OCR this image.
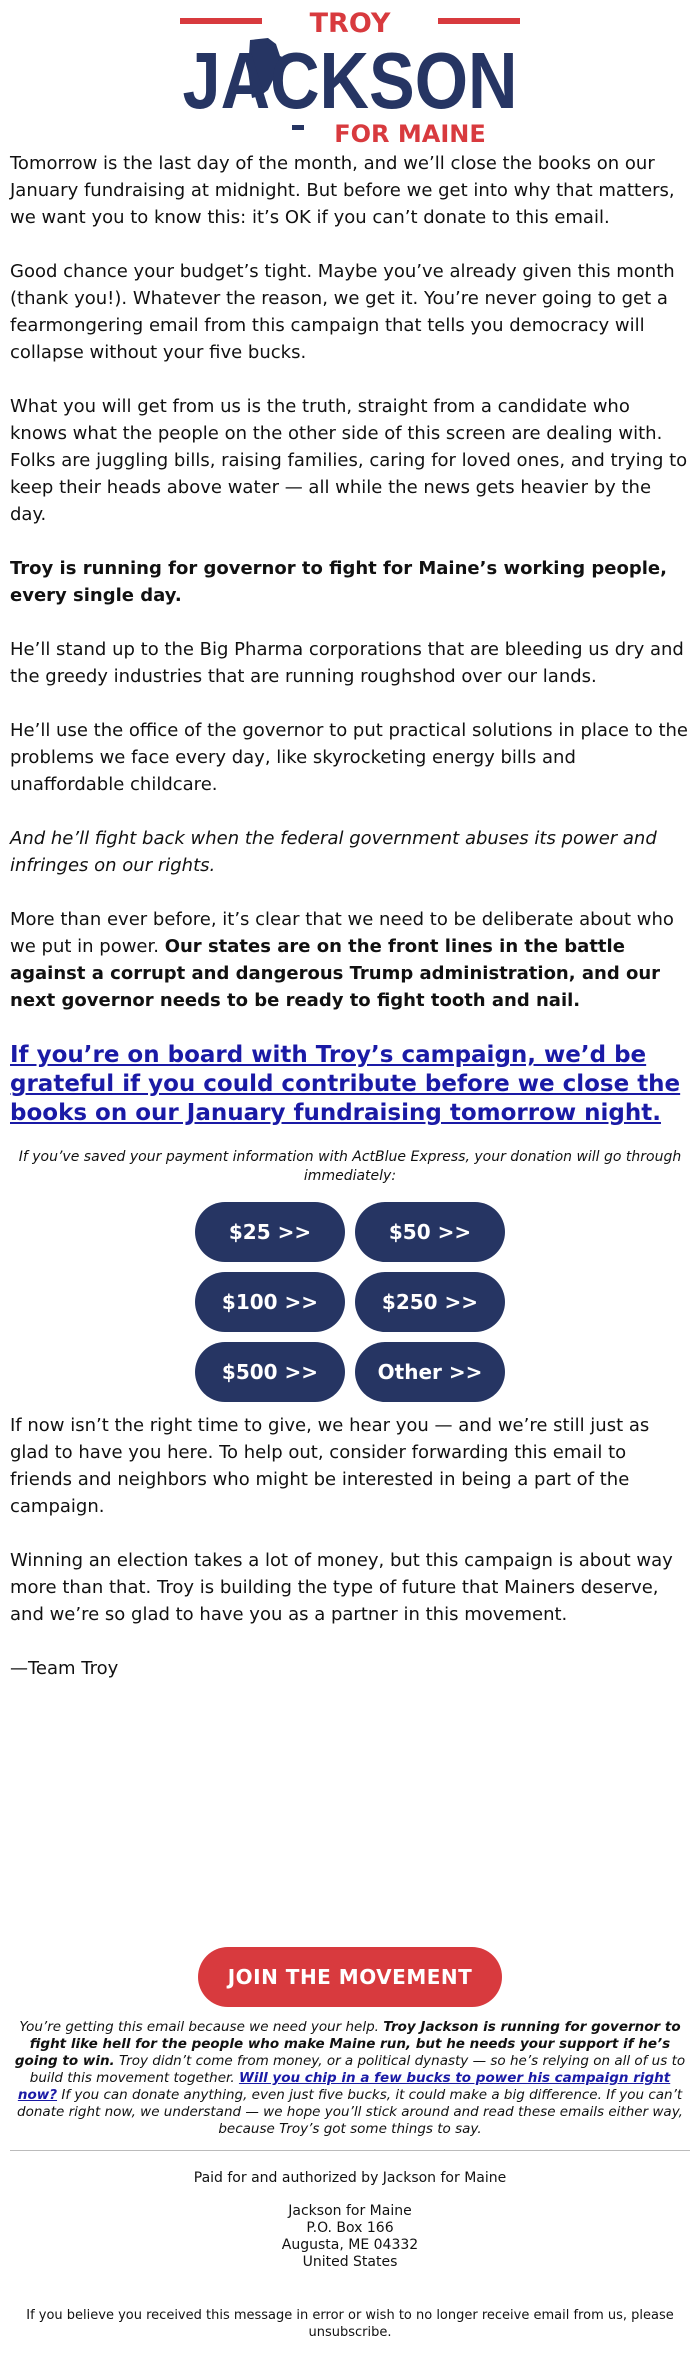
TROY
JACKSON
FOR MAINE

Tomorrow is the last day of the month, and we’ll close the books on our January fundraising at midnight. But before we get into why that matters, we want you to know this: it’s OK if you can’t donate to this email.

Good chance your budget’s tight. Maybe you’ve already given this month (thank you!). Whatever the reason, we get it. You’re never going to get a fearmongering email from this campaign that tells you democracy will collapse without your five bucks.

What you will get from us is the truth, straight from a candidate who knows what the people on the other side of this screen are dealing with. Folks are juggling bills, raising families, caring for loved ones, and trying to keep their heads above water — all while the news gets heavier by the day.

Troy is running for governor to fight for Maine’s working people, every single day.

He’ll stand up to the Big Pharma corporations that are bleeding us dry and the greedy industries that are running roughshod over our lands.

He’ll use the office of the governor to put practical solutions in place to the problems we face every day, like skyrocketing energy bills and unaffordable childcare.

And he’ll fight back when the federal government abuses its power and infringes on our rights.

More than ever before, it’s clear that we need to be deliberate about who we put in power. Our states are on the front lines in the battle against a corrupt and dangerous Trump administration, and our next governor needs to be ready to fight tooth and nail.

If you’re on board with Troy’s campaign, we’d be grateful if you could contribute before we close the books on our January fundraising tomorrow night.

If you’ve saved your payment information with ActBlue Express, your donation will go through immediately:

$25 >>	$50 >>
$100 >>	$250 >>
$500 >>	Other >>

If now isn’t the right time to give, we hear you — and we’re still just as glad to have you here. To help out, consider forwarding this email to friends and neighbors who might be interested in being a part of the campaign.

Winning an election takes a lot of money, but this campaign is about way more than that. Troy is building the type of future that Mainers deserve, and we’re so glad to have you as a partner in this movement.

—Team Troy

JOIN THE MOVEMENT

You’re getting this email because we need your help. Troy Jackson is running for governor to fight like hell for the people who make Maine run, but he needs your support if he’s going to win. Troy didn’t come from money, or a political dynasty — so he’s relying on all of us to build this movement together. Will you chip in a few bucks to power his campaign right now? If you can donate anything, even just five bucks, it could make a big difference. If you can’t donate right now, we understand — we hope you’ll stick around and read these emails either way, because Troy’s got some things to say.

Paid for and authorized by Jackson for Maine

Jackson for Maine
P.O. Box 166
Augusta, ME 04332
United States

If you believe you received this message in error or wish to no longer receive email from us, please unsubscribe.
